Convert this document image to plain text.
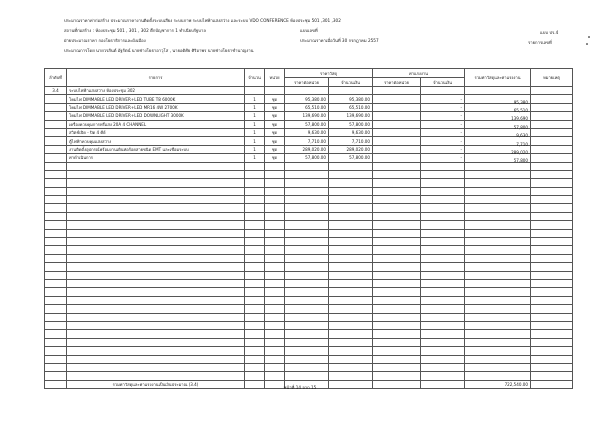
ประมาณราคาค่าก่อสร้าง ประมาณราคางานติดตั้งระบบเสียง ระบบภาพ ระบบไฟฟ้าแสงสว่าง และระบบ VDO CONFERENCE ห้องประชุม 501 ,301 ,302
สถานที่ก่อสร้าง : ห้องประชุม 501 , 301 , 302 ตึกบัญชาการ 1 ทำเนียบรัฐบาล	แบบเลขที่
ฝ่ายประมาณราคา กองโยธาธิการและผังเมือง	ประมาณราคาเมื่อวันที่ 30 กรกฎาคม 2557
ประมาณการโดย นายวรสันต์ อัฐรัตน์ นายช่างโยธาอาวุโส , นายอดิศัย ศิริอาพร นายช่างโยธาชำนาญงาน
แบบ ปร.4
รายการเลขที่
ลำดับที่	รายการ	จำนวน	หน่วย	ราคาวัสดุ		ค่าแรงงาน		รวมค่าวัสดุและค่าแรงงาน	หมายเหตุ
				ราคาต่อหน่วย	จำนวนเงิน	ราคาต่อหน่วย	จำนวนเงิน		
3.4	ระบบไฟฟ้าแสงสว่าง ห้องประชุม 302								
	โคมไฟ DIMMABLE LED DRIVER+LED TUBE T8 6000K	1	ชุด	95,380.00	95,380.00		-	95,380	
	โคมไฟ DIMMABLE LED DRIVER+LED MR16 4W 2700K	1	ชุด	65,510.00	65,510.00		-	65,510	
	โคมไฟ DIMMABLE LED DRIVER+LED DOWNLIGHT 3000K	1	ชุด	139,690.00	139,690.00		-	139,690	
	เครื่องควบคุมการหรี่แสง 20A 4 CHANNEL	1	ชุด	57,800.00	57,800.00		-	57,800	
	สวิตช์เปิด - ปิด 4 คีย์	1	ชุด	9,630.00	9,630.00		-	9,630	
	ตู้ไฟฟ้าควบคุมแสงสว่าง	1	ชุด	7,710.00	7,710.00		-	7,710	
	งานติดตั้งอุปกรณ์พร้อมงานเดินท่อร้อยสายชนิด EMT และเชื่อมระบบ	1	ชุด	289,020.00	289,020.00		-	289,020	
	ค่าดำเนินการ	1	ชุด	57,800.00	57,800.00		-	57,800	

	รวมค่าวัสดุและค่าแรงงานเป็นเงินประมาณ (3.4)							722,540.00	
หน้าที่ 14 จาก 15
